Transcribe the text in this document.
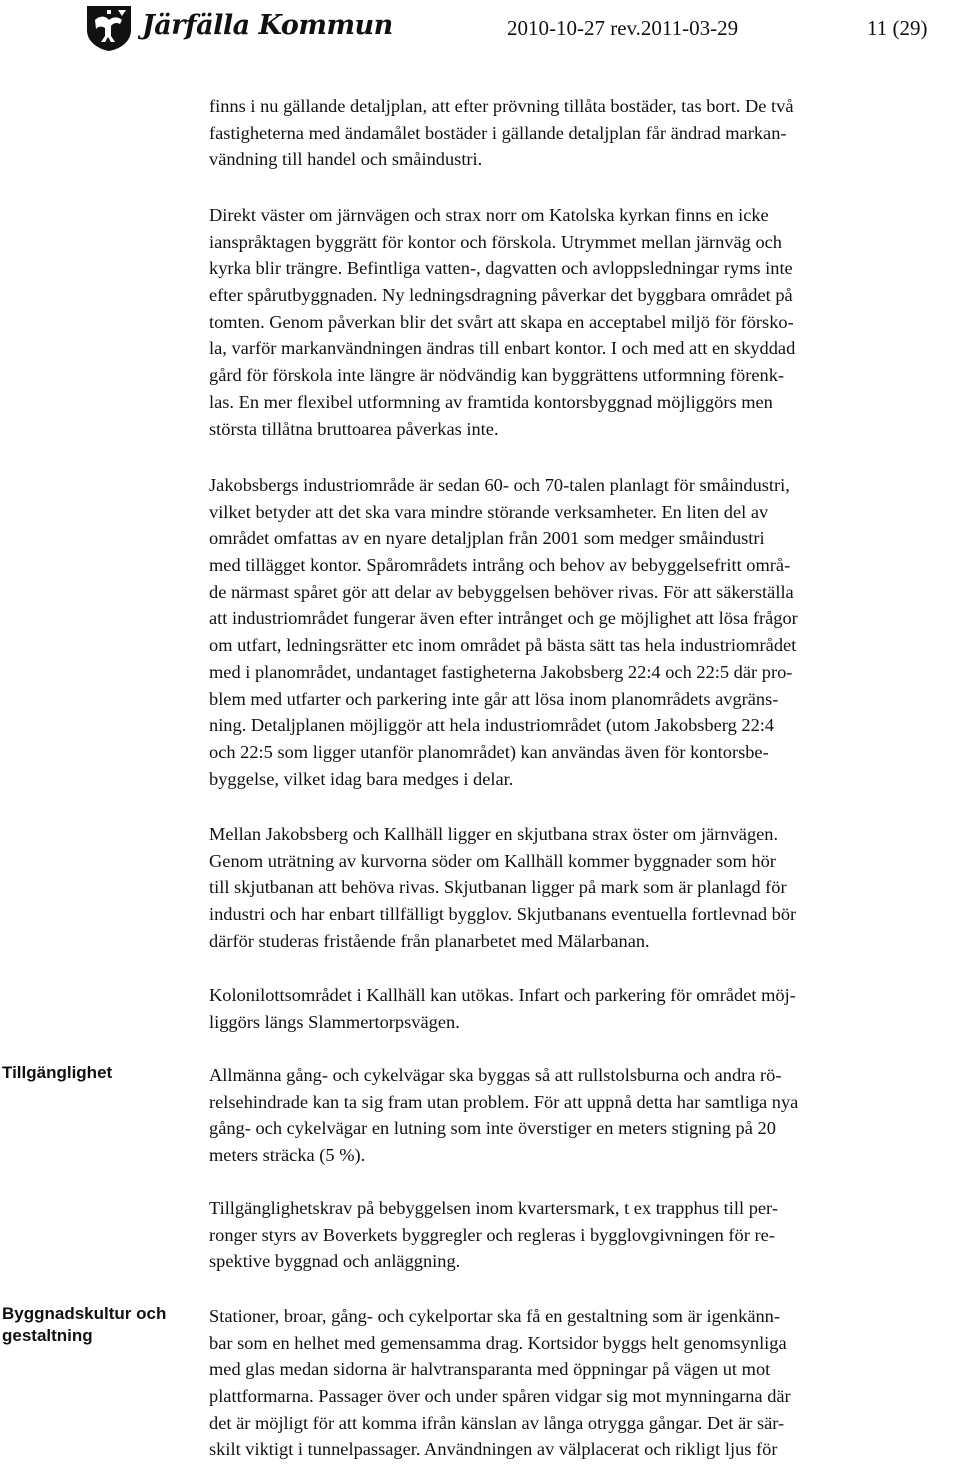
Järfälla Kommun	2010-10-27 rev.2011-03-29	11 (29)
Tillgänglighet
Byggnadskultur och
gestaltning
finns i nu gällande detaljplan, att efter prövning tillåta bostäder, tas bort. De två
fastigheterna med ändamålet bostäder i gällande detaljplan får ändrad markan-
vändning till handel och småindustri.
Direkt väster om järnvägen och strax norr om Katolska kyrkan finns en icke
ianspråktagen byggrätt för kontor och förskola. Utrymmet mellan järnväg och
kyrka blir trängre. Befintliga vatten-, dagvatten och avloppsledningar ryms inte
efter spårutbyggnaden. Ny ledningsdragning påverkar det byggbara området på
tomten. Genom påverkan blir det svårt att skapa en acceptabel miljö för försko-
la, varför markanvändningen ändras till enbart kontor. I och med att en skyddad
gård för förskola inte längre är nödvändig kan byggrättens utformning förenk-
las. En mer flexibel utformning av framtida kontorsbyggnad möjliggörs men
största tillåtna bruttoarea påverkas inte.
Jakobsbergs industriområde är sedan 60- och 70-talen planlagt för småindustri,
vilket betyder att det ska vara mindre störande verksamheter. En liten del av
området omfattas av en nyare detaljplan från 2001 som medger småindustri
med tillägget kontor. Spårområdets intrång och behov av bebyggelsefritt områ-
de närmast spåret gör att delar av bebyggelsen behöver rivas. För att säkerställa
att industriområdet fungerar även efter intrånget och ge möjlighet att lösa frågor
om utfart, ledningsrätter etc inom området på bästa sätt tas hela industriområdet
med i planområdet, undantaget fastigheterna Jakobsberg 22:4 och 22:5 där pro-
blem med utfarter och parkering inte går att lösa inom planområdets avgräns-
ning. Detaljplanen möjliggör att hela industriområdet (utom Jakobsberg 22:4
och 22:5 som ligger utanför planområdet) kan användas även för kontorsbe-
byggelse, vilket idag bara medges i delar.
Mellan Jakobsberg och Kallhäll ligger en skjutbana strax öster om järnvägen.
Genom uträtning av kurvorna söder om Kallhäll kommer byggnader som hör
till skjutbanan att behöva rivas. Skjutbanan ligger på mark som är planlagd för
industri och har enbart tillfälligt bygglov. Skjutbanans eventuella fortlevnad bör
därför studeras fristående från planarbetet med Mälarbanan.
Kolonilottsområdet i Kallhäll kan utökas. Infart och parkering för området möj-
liggörs längs Slammertorpsvägen.
Allmänna gång- och cykelvägar ska byggas så att rullstolsburna och andra rö-
relsehindrade kan ta sig fram utan problem. För att uppnå detta har samtliga nya
gång- och cykelvägar en lutning som inte överstiger en meters stigning på 20
meters sträcka (5 %).
Tillgänglighetskrav på bebyggelsen inom kvartersmark, t ex trapphus till per-
ronger styrs av Boverkets byggregler och regleras i bygglovgivningen för re-
spektive byggnad och anläggning.
Stationer, broar, gång- och cykelportar ska få en gestaltning som är igenkänn-
bar som en helhet med gemensamma drag. Kortsidor byggs helt genomsynliga
med glas medan sidorna är halvtransparanta med öppningar på vägen ut mot
plattformarna. Passager över och under spåren vidgar sig mot mynningarna där
det är möjligt för att komma ifrån känslan av långa otrygga gångar. Det är sär-
skilt viktigt i tunnelpassager. Användningen av välplacerat och rikligt ljus för
